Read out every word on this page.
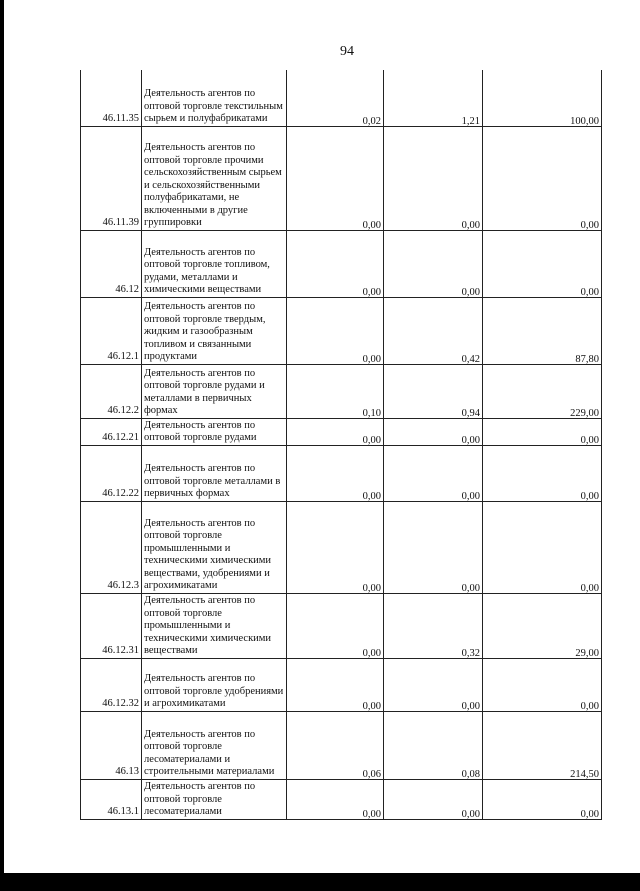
94
46.11.35	Деятельность агентов по оптовой торговле текстильным сырьем и полуфабрикатами	0,02	1,21	100,00
46.11.39	Деятельность агентов по оптовой торговле прочими сельскохозяйственным сырьем и сельскохозяйственными полуфабрикатами, не включенными в другие группировки	0,00	0,00	0,00
46.12	Деятельность агентов по оптовой торговле топливом, рудами, металлами и химическими веществами	0,00	0,00	0,00
46.12.1	Деятельность агентов по оптовой торговле твердым, жидким и газообразным топливом и связанными продуктами	0,00	0,42	87,80
46.12.2	Деятельность агентов по оптовой торговле рудами и металлами в первичных формах	0,10	0,94	229,00
46.12.21	Деятельность агентов по оптовой торговле рудами	0,00	0,00	0,00
46.12.22	Деятельность агентов по оптовой торговле металлами в первичных формах	0,00	0,00	0,00
46.12.3	Деятельность агентов по оптовой торговле промышленными и техническими химическими веществами, удобрениями и агрохимикатами	0,00	0,00	0,00
46.12.31	Деятельность агентов по оптовой торговле промышленными и техническими химическими веществами	0,00	0,32	29,00
46.12.32	Деятельность агентов по оптовой торговле удобрениями и агрохимикатами	0,00	0,00	0,00
46.13	Деятельность агентов по оптовой торговле лесоматериалами и строительными материалами	0,06	0,08	214,50
46.13.1	Деятельность агентов по оптовой торговле лесоматериалами	0,00	0,00	0,00
